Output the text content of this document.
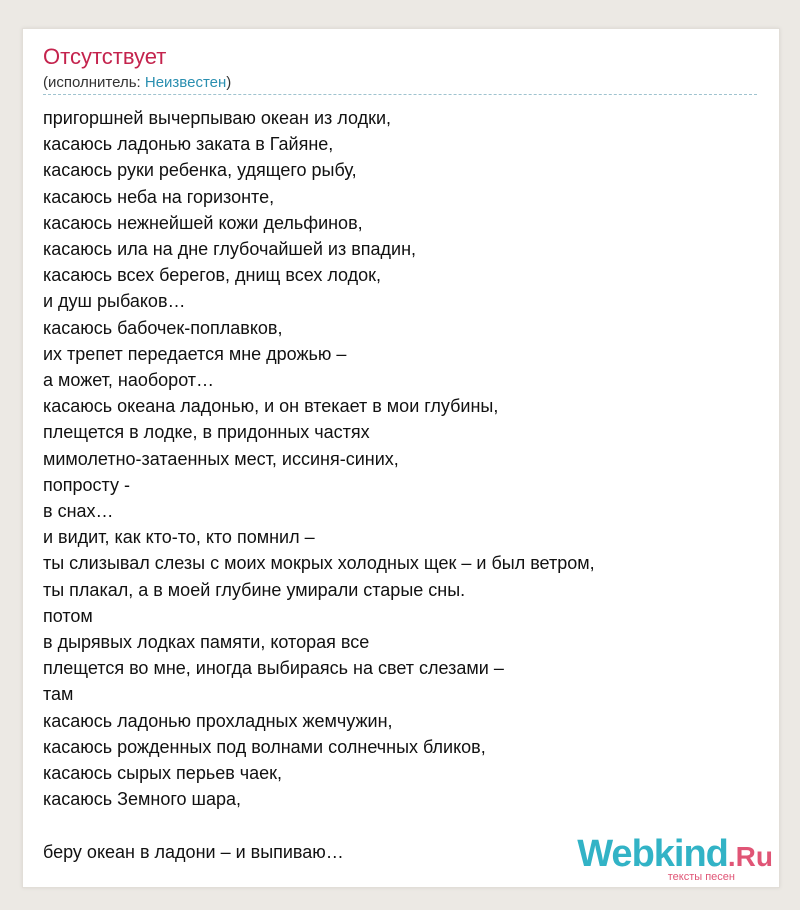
Отсутствует
(исполнитель: Неизвестен)
пригоршней вычерпываю океан из лодки,
касаюсь ладонью заката в Гайяне,
касаюсь руки ребенка, удящего рыбу,
касаюсь неба на горизонте,
касаюсь нежнейшей кожи дельфинов,
касаюсь ила на дне глубочайшей из впадин,
касаюсь всех берегов, днищ всех лодок,
и душ рыбаков…
касаюсь бабочек-поплавков,
их трепет передается мне дрожью –
а может, наоборот…
касаюсь океана ладонью, и он втекает в мои глубины,
плещется в лодке, в придонных частях
мимолетно-затаенных мест, иссиня-синих,
попросту -
в снах…
и видит, как кто-то, кто помнил –
ты слизывал слезы с моих мокрых холодных щек – и был ветром,
ты плакал, а в моей глубине умирали старые сны.
потом
в дырявых лодках памяти, которая все
плещется во мне, иногда выбираясь на свет слезами –
там
касаюсь ладонью прохладных жемчужин,
касаюсь рожденных под волнами солнечных бликов,
касаюсь сырых перьев чаек,
касаюсь Земного шара,

беру океан в ладони – и выпиваю…	Webkind.Ru
тексты песен
